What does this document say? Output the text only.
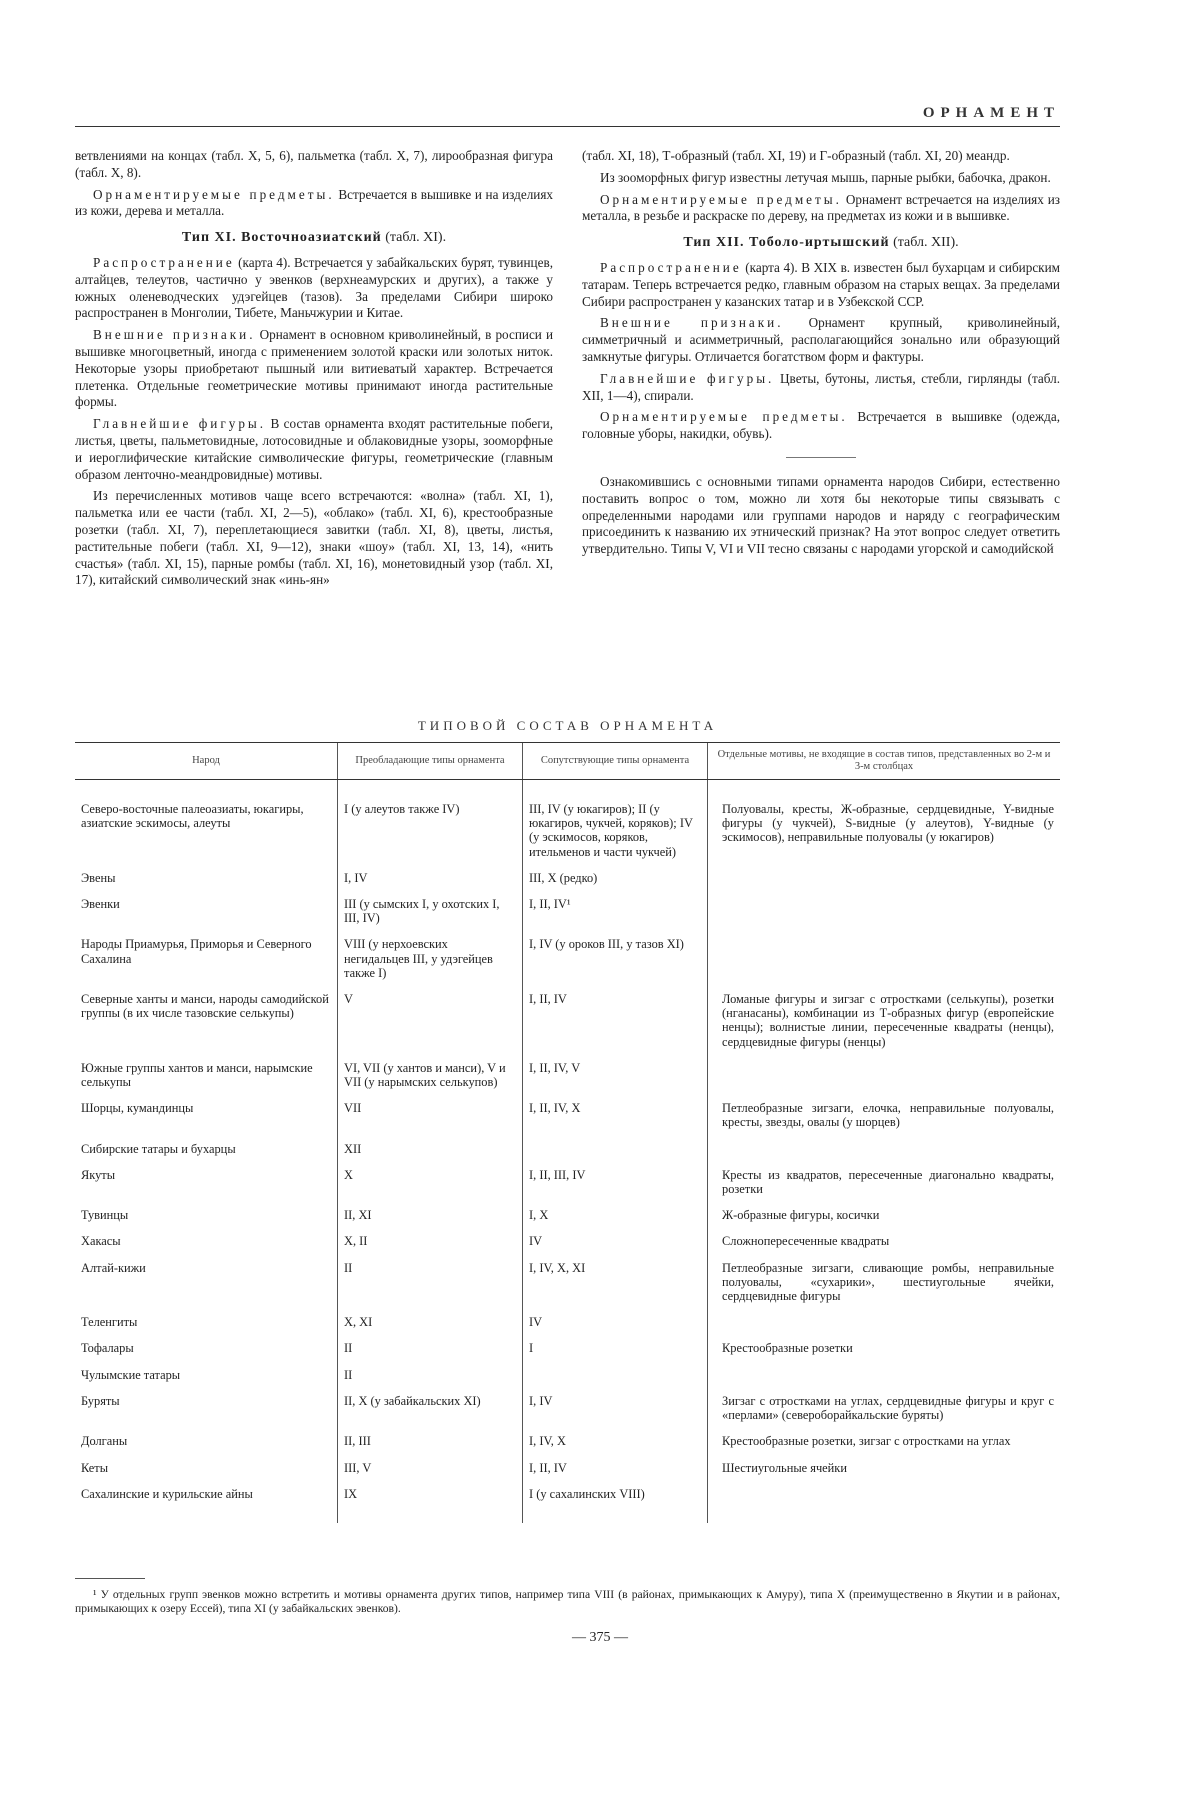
ОРНАМЕНТ

ветвлениями на концах (табл. X, 5, 6), пальметка (табл. X, 7), лирообразная фигура (табл. X, 8).

Орнаментируемые предметы. Встречается в вышивке и на изделиях из кожи, дерева и металла.

Тип XI. Восточноазиатский (табл. XI).

Распространение (карта 4). Встречается у забайкальских бурят, тувинцев, алтайцев, телеутов, частично у эвенков (верхнеамурских и других), а также у южных оленеводческих удэгейцев (тазов). За пределами Сибири широко распространен в Монголии, Тибете, Маньчжурии и Китае.

Внешние признаки. Орнамент в основном криволинейный, в росписи и вышивке многоцветный, иногда с применением золотой краски или золотых ниток. Некоторые узоры приобретают пышный или витиеватый характер. Встречается плетенка. Отдельные геометрические мотивы принимают иногда растительные формы.

Главнейшие фигуры. В состав орнамента входят растительные побеги, листья, цветы, пальметовидные, лотосовидные и облаковидные узоры, зооморфные и иероглифические китайские символические фигуры, геометрические (главным образом ленточно-меандровидные) мотивы.

Из перечисленных мотивов чаще всего встречаются: «волна» (табл. XI, 1), пальметка или ее части (табл. XI, 2—5), «облако» (табл. XI, 6), крестообразные розетки (табл. XI, 7), переплетающиеся завитки (табл. XI, 8), цветы, листья, растительные побеги (табл. XI, 9—12), знаки «шоу» (табл. XI, 13, 14), «нить счастья» (табл. XI, 15), парные ромбы (табл. XI, 16), монетовидный узор (табл. XI, 17), китайский символический знак «инь-ян»

(табл. XI, 18), Т-образный (табл. XI, 19) и Г-образный (табл. XI, 20) меандр.

Из зооморфных фигур известны летучая мышь, парные рыбки, бабочка, дракон.

Орнаментируемые предметы. Орнамент встречается на изделиях из металла, в резьбе и раскраске по дереву, на предметах из кожи и в вышивке.

Тип XII. Тоболо-иртышский (табл. XII).

Распространение (карта 4). В XIX в. известен был бухарцам и сибирским татарам. Теперь встречается редко, главным образом на старых вещах. За пределами Сибири распространен у казанских татар и в Узбекской ССР.

Внешние признаки. Орнамент крупный, криволинейный, симметричный и асимметричный, располагающийся зонально или образующий замкнутые фигуры. Отличается богатством форм и фактуры.

Главнейшие фигуры. Цветы, бутоны, листья, стебли, гирлянды (табл. XII, 1—4), спирали.

Орнаментируемые предметы. Встречается в вышивке (одежда, головные уборы, накидки, обувь).

Ознакомившись с основными типами орнамента народов Сибири, естественно поставить вопрос о том, можно ли хотя бы некоторые типы связывать с определенными народами или группами народов и наряду с географическим присоединить к названию их этнический признак? На этот вопрос следует ответить утвердительно. Типы V, VI и VII тесно связаны с народами угорской и самодийской

ТИПОВОЙ СОСТАВ ОРНАМЕНТА
Народ	Преобладающие типы орнамента	Сопутствующие типы орнамента	Отдельные мотивы, не входящие в состав типов, представленных во 2-м и 3-м столбцах
Северо-восточные палеоазиаты, юкагиры, азиатские эскимосы, алеуты	I (у алеутов также IV)	III, IV (у юкагиров); II (у юкагиров, чукчей, коряков); IV (у эскимосов, коряков, ительменов и части чукчей)	Полуовалы, кресты, Ж-образные, сердцевидные, Y-видные фигуры (у чукчей), S-видные (у алеутов), Y-видные (у эскимосов), неправильные полуовалы (у юкагиров)
Эвены	I, IV	III, X (редко)	
Эвенки	III (у сымских I, у охотских I, III, IV)	I, II, IV¹	
Народы Приамурья, Приморья и Северного Сахалина	VIII (у нерхоевских негидальцев III, у удэгейцев также I)	I, IV (у ороков III, у тазов XI)	
Северные ханты и манси, народы самодийской группы (в их числе тазовские селькупы)	V	I, II, IV	Ломаные фигуры и зигзаг с отростками (селькупы), розетки (нганасаны), комбинации из Т-образных фигур (европейские ненцы); волнистые линии, пересеченные квадраты (ненцы), сердцевидные фигуры (ненцы)
Южные группы хантов и манси, нарымские селькупы	VI, VII (у хантов и манси), V и VII (у нарымских селькупов)	I, II, IV, V	
Шорцы, кумандинцы	VII	I, II, IV, X	Петлеобразные зигзаги, елочка, неправильные полуовалы, кресты, звезды, овалы (у шорцев)
Сибирские татары и бухарцы	XII		
Якуты	X	I, II, III, IV	Кресты из квадратов, пересеченные диагонально квадраты, розетки
Тувинцы	II, XI	I, X	Ж-образные фигуры, косички
Хакасы	X, II	IV	Сложнопересеченные квадраты
Алтай-кижи	II	I, IV, X, XI	Петлеобразные зигзаги, сливающие ромбы, неправильные полуовалы, «сухарики», шестиугольные ячейки, сердцевидные фигуры
Теленгиты	X, XI	IV	
Тофалары	II	I	Крестообразные розетки
Чулымские татары	II		
Буряты	II, X (у забайкальских XI)	I, IV	Зигзаг с отростками на углах, сердцевидные фигуры и круг с «перлами» (североборайкальские буряты)
Долганы	II, III	I, IV, X	Крестообразные розетки, зигзаг с отростками на углах
Кеты	III, V	I, II, IV	Шестиугольные ячейки
Сахалинские и курильские айны	IX	I (у сахалинских VIII)	
¹ У отдельных групп эвенков можно встретить и мотивы орнамента других типов, например типа VIII (в районах, примыкающих к Амуру), типа X (преимущественно в Якутии и в районах, примыкающих к озеру Ессей), типа XI (у забайкальских эвенков).
— 375 —
